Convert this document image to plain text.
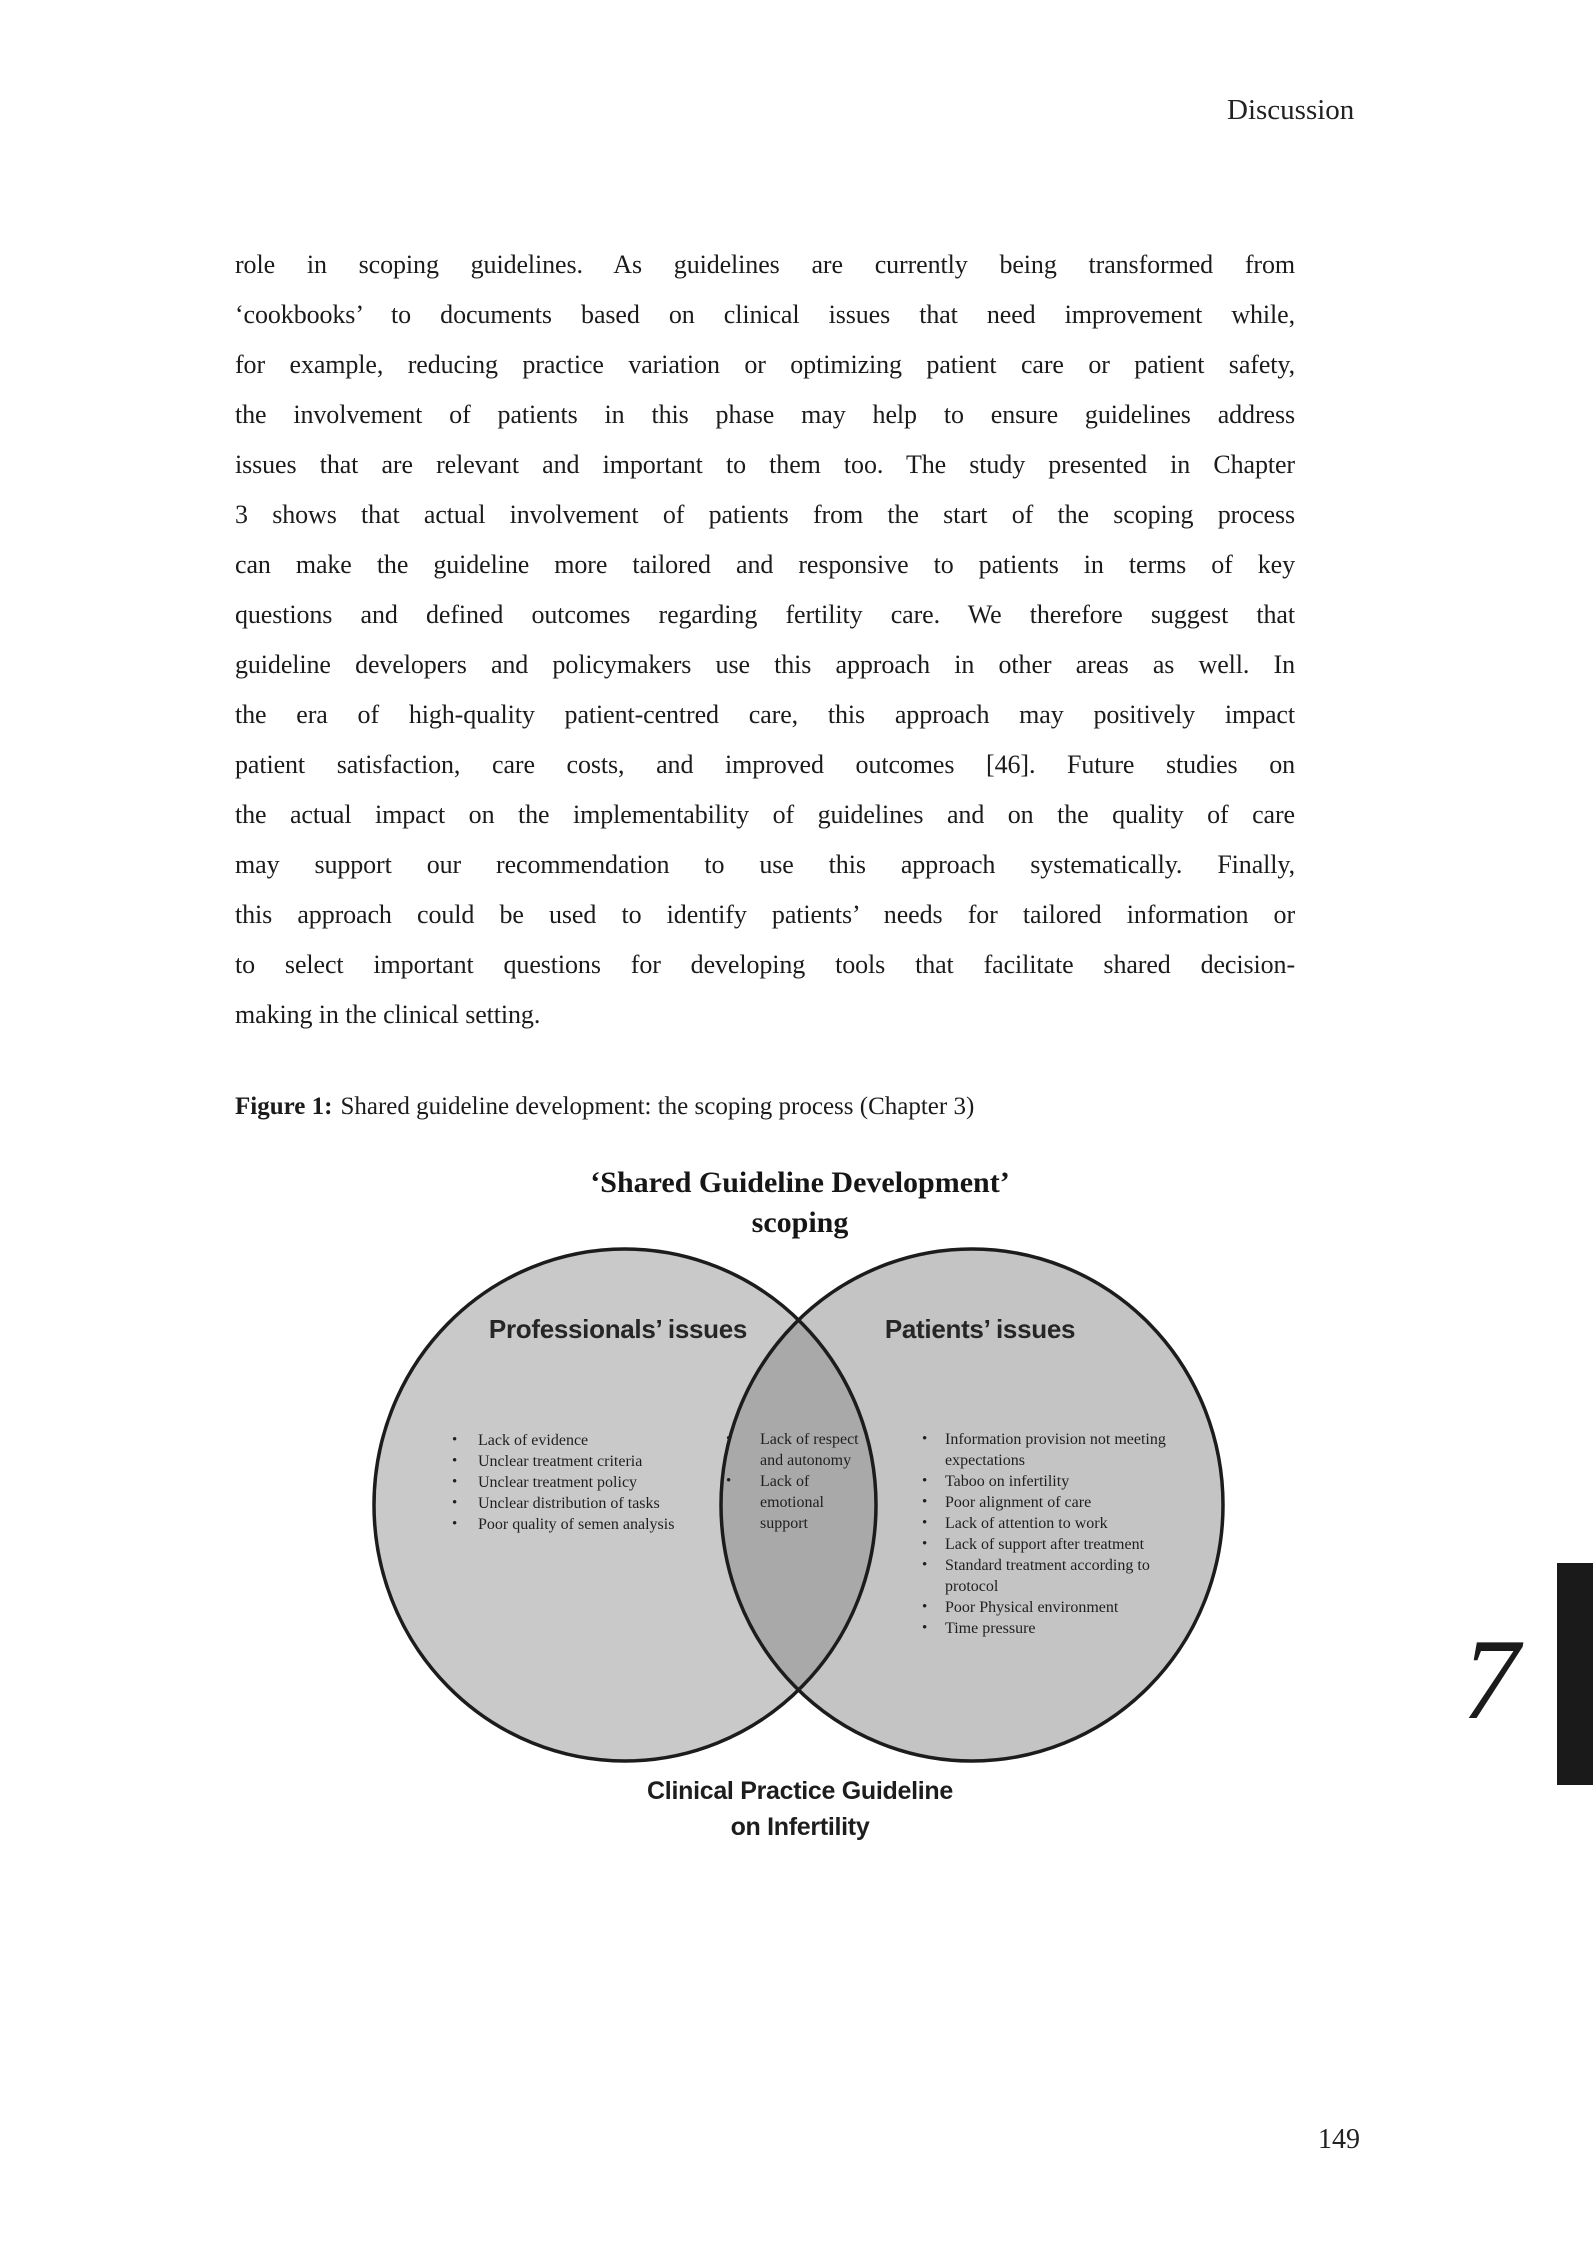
Discussion
role in scoping guidelines. As guidelines are currently being transformed from
‘cookbooks’ to documents based on clinical issues that need improvement while,
for example, reducing practice variation or optimizing patient care or patient safety,
the involvement of patients in this phase may help to ensure guidelines address
issues that are relevant and important to them too. The study presented in Chapter
3 shows that actual involvement of patients from the start of the scoping process
can make the guideline more tailored and responsive to patients in terms of key
questions and defined outcomes regarding fertility care. We therefore suggest that
guideline developers and policymakers use this approach in other areas as well. In
the era of high-quality patient-centred care, this approach may positively impact
patient satisfaction, care costs, and improved outcomes [46]. Future studies on
the actual impact on the implementability of guidelines and on the quality of care
may support our recommendation to use this approach systematically. Finally,
this approach could be used to identify patients’ needs for tailored information or
to select important questions for developing tools that facilitate shared decision-
making in the clinical setting.
Figure 1: Shared guideline development: the scoping process (Chapter 3)
‘Shared Guideline Development’
scoping
Professionals’ issues	Patients’ issues
•	Lack of evidence
•	Unclear treatment criteria
•	Unclear treatment policy
•	Unclear distribution of tasks
•	Poor quality of semen analysis
•	Lack of respect and autonomy
•	Lack of emotional support
•	Information provision not meeting expectations
•	Taboo on infertility
•	Poor alignment of care
•	Lack of attention to work
•	Lack of support after treatment
•	Standard treatment according to protocol
•	Poor Physical environment
•	Time pressure
Clinical Practice Guideline
on Infertility
7
149
